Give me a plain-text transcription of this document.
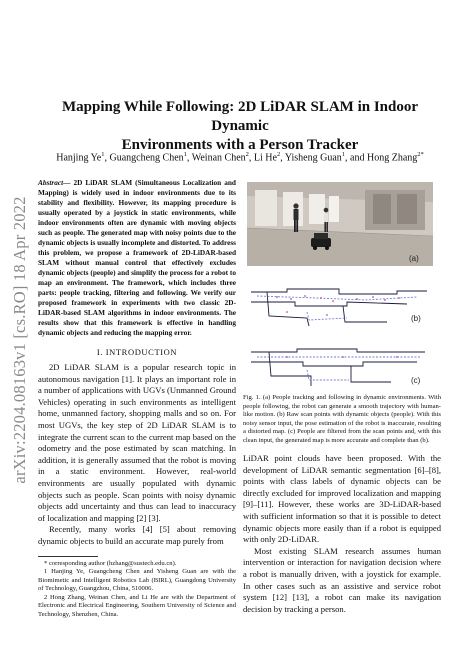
arXiv:2204.08163v1 [cs.RO] 18 Apr 2022
Mapping While Following: 2D LiDAR SLAM in Indoor Dynamic
Environments with a Person Tracker
Hanjing Ye$^1$, Guangcheng Chen$^1$, Weinan Chen$^2$, Li He$^2$, Yisheng Guan$^1$, and Hong Zhang$^{2*}$
Abstract— 2D LiDAR SLAM (Simultaneous Localization and Mapping) is widely used in indoor environments due to its stability and flexibility. However, its mapping procedure is usually operated by a joystick in static environments, while indoor environments often are dynamic with moving objects such as people. The generated map with noisy points due to the dynamic objects is usually incomplete and distorted. To address this problem, we propose a framework of 2D-LiDAR-based SLAM without manual control that effectively excludes dynamic objects (people) and simplify the process for a robot to map an environment. The framework, which includes three parts: people tracking, filtering and following. We verify our proposed framework in experiments with two classic 2D-LiDAR-based SLAM algorithms in indoor environments. The results show that this framework is effective in handling dynamic objects and reducing the mapping error.
I. INTRODUCTION

2D LiDAR SLAM is a popular research topic in autonomous navigation [1]. It plays an important role in a number of applications with UGVs (Unmanned Ground Vehicles) operating in such environments as intelligent home, unmanned factory, shopping malls and so on. For most UGVs, the key step of 2D LiDAR SLAM is to integrate the current scan to the current map based on the odometry and the pose estimated by scan matching. In addition, it is generally assumed that the robot is moving in a static environment. However, real-world environments are usually populated with dynamic objects such as people. Scan points with noisy dynamic objects add uncertainty and thus can lead to inaccuracy of localization and mapping [2] [3].

Recently, many works [4] [5] about removing dynamic objects to build an accurate map purely from

* corresponding author (hzhang@sustech.edu.cn).

1 Hanjing Ye, Guangcheng Chen and Yisheng Guan are with the Biomimetic and Intelligent Robotics Lab (BIRL), Guangdong University of Technology, Guangzhou, China, 510006.

2 Hong Zhang, Weinan Chen, and Li He are with the Department of Electronic and Electrical Engineering, Southern University of Science and Technology, Shenzhen, China.

(a)
(b)
(c)

Fig. 1. (a) People tracking and following in dynamic environments. With people following, the robot can generate a smooth trajectory with human-like motion. (b) Raw scan points with dynamic objects (people). With this noisy sensor input, the pose estimation of the robot is inaccurate, resulting a distorted map. (c) People are filtered from the scan points and, with this clean input, the generated map is more accurate and complete than (b).

LiDAR point clouds have been proposed. With the development of LiDAR semantic segmentation [6]–[8], points with class labels of dynamic objects can be directly excluded for improved localization and mapping [9]–[11]. However, these works are 3D-LiDAR-based with sufficient information so that it is possible to detect dynamic objects more easily than if a robot is equipped with only 2D-LiDAR.

Most existing SLAM research assumes human intervention or interaction for navigation decision where a robot is manually driven, with a joystick for example. In other cases such as an assistive and service robot system [12] [13], a robot can make its navigation decision by tracking a person.
